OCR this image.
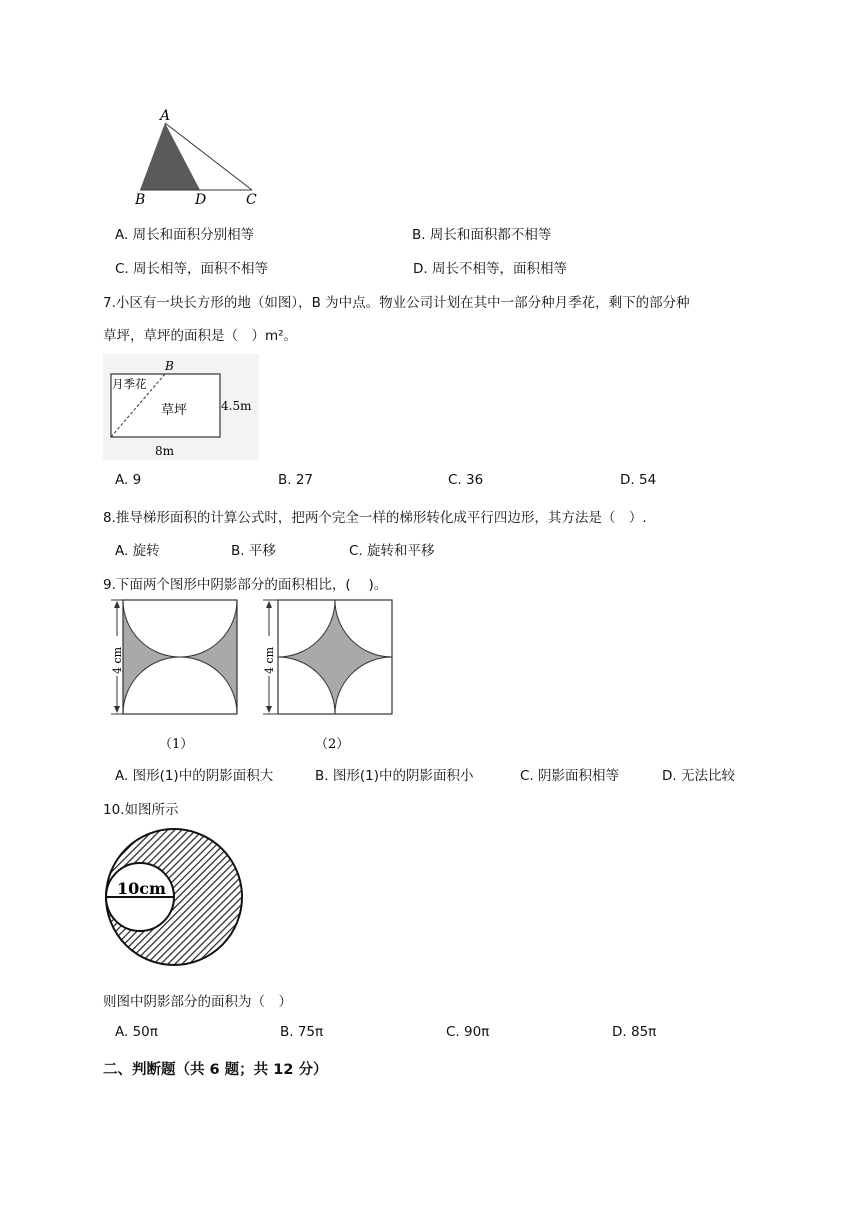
A
B	D	C
A. 周长和面积分别相等	B. 周长和面积都不相等
C. 周长相等，面积不相等	D. 周长不相等，面积相等
7.小区有一块长方形的地（如图），B 为中点。物业公司计划在其中一部分种月季花，剩下的部分种
草坪，草坪的面积是（　）m²。
B
月季花
草坪	4.5m
8m
A. 9	B. 27	C. 36	D. 54
8.推导梯形面积的计算公式时，把两个完全一样的梯形转化成平行四边形，其方法是（　）.
A. 旋转	B. 平移	C. 旋转和平移
9.下面两个图形中阴影部分的面积相比，(　 )。
4 cm
（1）
4 cm
（2）
A. 图形(1)中的阴影面积大	B. 图形(1)中的阴影面积小	C. 阴影面积相等	D. 无法比较
10.如图所示
10cm
则图中阴影部分的面积为（　）
A. 50π	B. 75π	C. 90π	D. 85π
二、判断题（共 6 题；共 12 分）
